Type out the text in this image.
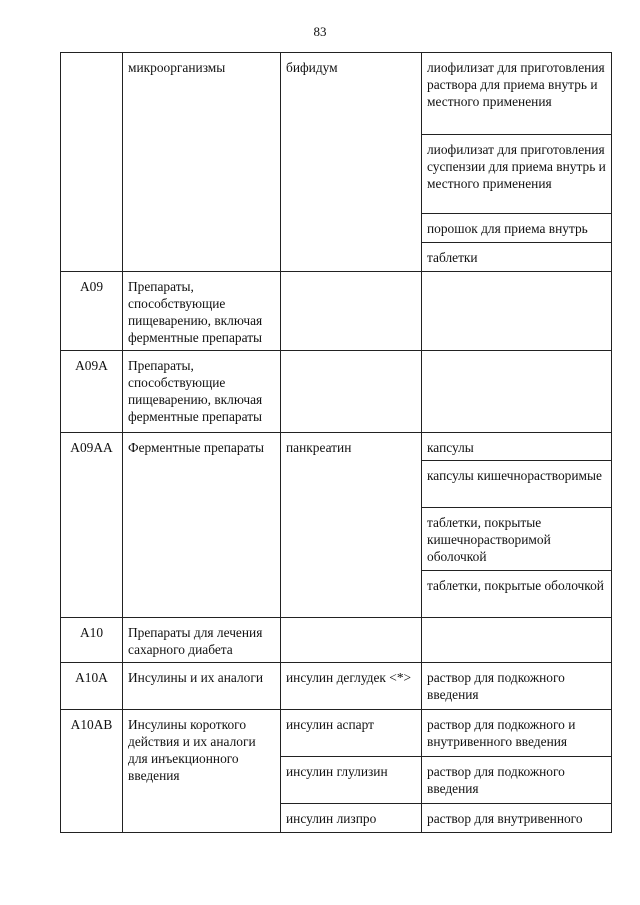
83
	микроорганизмы	бифидум	лиофилизат для приготовления раствора для приема внутрь и местного применения
			лиофилизат для приготовления суспензии для приема внутрь и местного применения
			порошок для приема внутрь
			таблетки
A09	Препараты, способствующие пищеварению, включая ферментные препараты		
A09A	Препараты, способствующие пищеварению, включая ферментные препараты		
A09AA	Ферментные препараты	панкреатин	капсулы
			капсулы кишечнорастворимые
			таблетки, покрытые кишечнорастворимой оболочкой
			таблетки, покрытые оболочкой
A10	Препараты для лечения сахарного диабета		
A10A	Инсулины и их аналоги	инсулин деглудек <*>	раствор для подкожного введения
A10AB	Инсулины короткого действия и их аналоги для инъекционного введения	инсулин аспарт	раствор для подкожного и внутривенного введения
		инсулин глулизин	раствор для подкожного введения
		инсулин лизпро	раствор для внутривенного
